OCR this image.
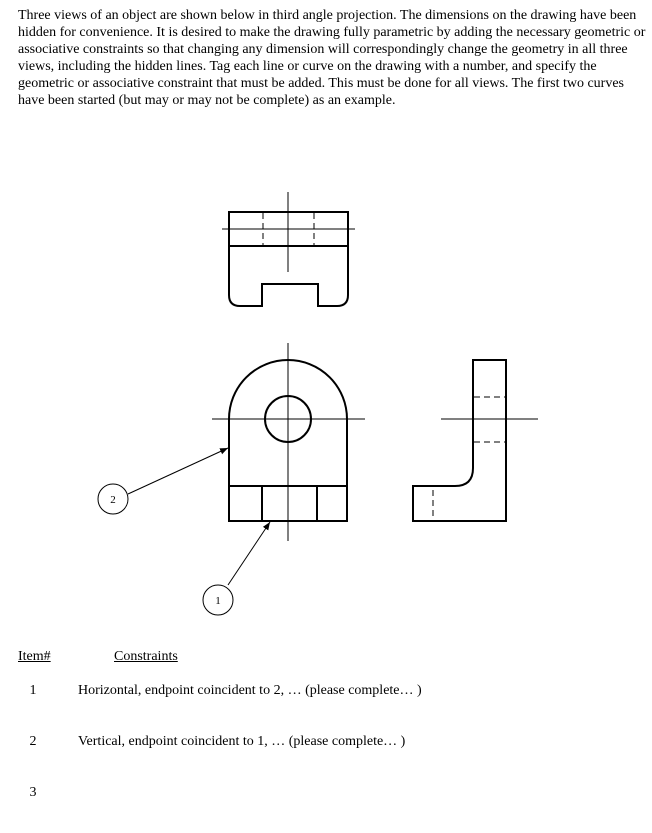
Three views of an object are shown below in third angle projection. The dimensions on the drawing have been
hidden for convenience. It is desired to make the drawing fully parametric by adding the necessary geometric or
associative constraints so that changing any dimension will correspondingly change the geometry in all three
views, including the hidden lines. Tag each line or curve on the drawing with a number, and specify the
geometric or associative constraint that must be added. This must be done for all views. The first two curves
have been started (but may or may not be complete) as an example.
1
2
Item#	Constraints
1	Horizontal, endpoint coincident to 2, … (please complete… )
2	Vertical, endpoint coincident to 1, … (please complete… )
3
